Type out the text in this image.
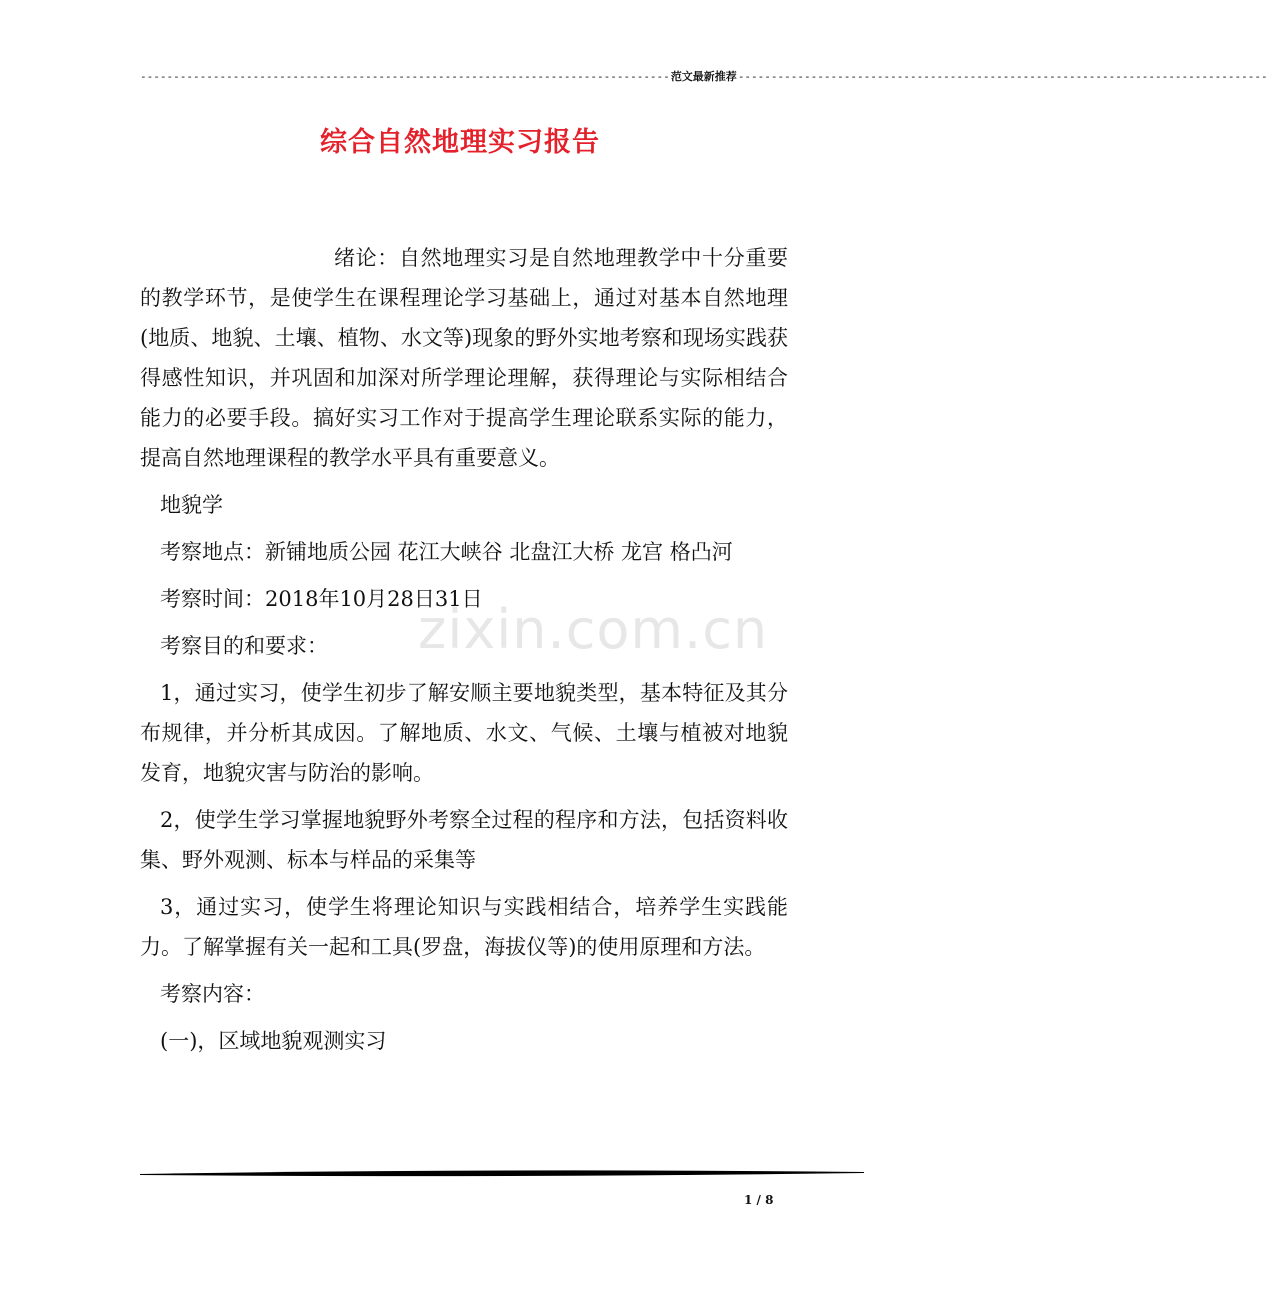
-------------------------------------------------------------------------------- 范文最新推荐 --------------------------------------------------------------------------------
综合自然地理实习报告
zixin.com.cn

绪论：自然地理实习是自然地理教学中十分重要的教学环节，是使学生在课程理论学习基础上，通过对基本自然地理(地质、地貌、土壤、植物、水文等)现象的野外实地考察和现场实践获得感性知识，并巩固和加深对所学理论理解，获得理论与实际相结合能力的必要手段。搞好实习工作对于提高学生理论联系实际的能力，提高自然地理课程的教学水平具有重要意义。

地貌学

考察地点：新铺地质公园 花江大峡谷 北盘江大桥 龙宫 格凸河

考察时间：2018年10月28日31日

考察目的和要求：

1，通过实习，使学生初步了解安顺主要地貌类型，基本特征及其分布规律，并分析其成因。了解地质、水文、气候、土壤与植被对地貌发育，地貌灾害与防治的影响。

2，使学生学习掌握地貌野外考察全过程的程序和方法，包括资料收集、野外观测、标本与样品的采集等

3，通过实习，使学生将理论知识与实践相结合，培养学生实践能力。了解掌握有关一起和工具(罗盘，海拔仪等)的使用原理和方法。

考察内容：

(一)，区域地貌观测实习

1 / 8
